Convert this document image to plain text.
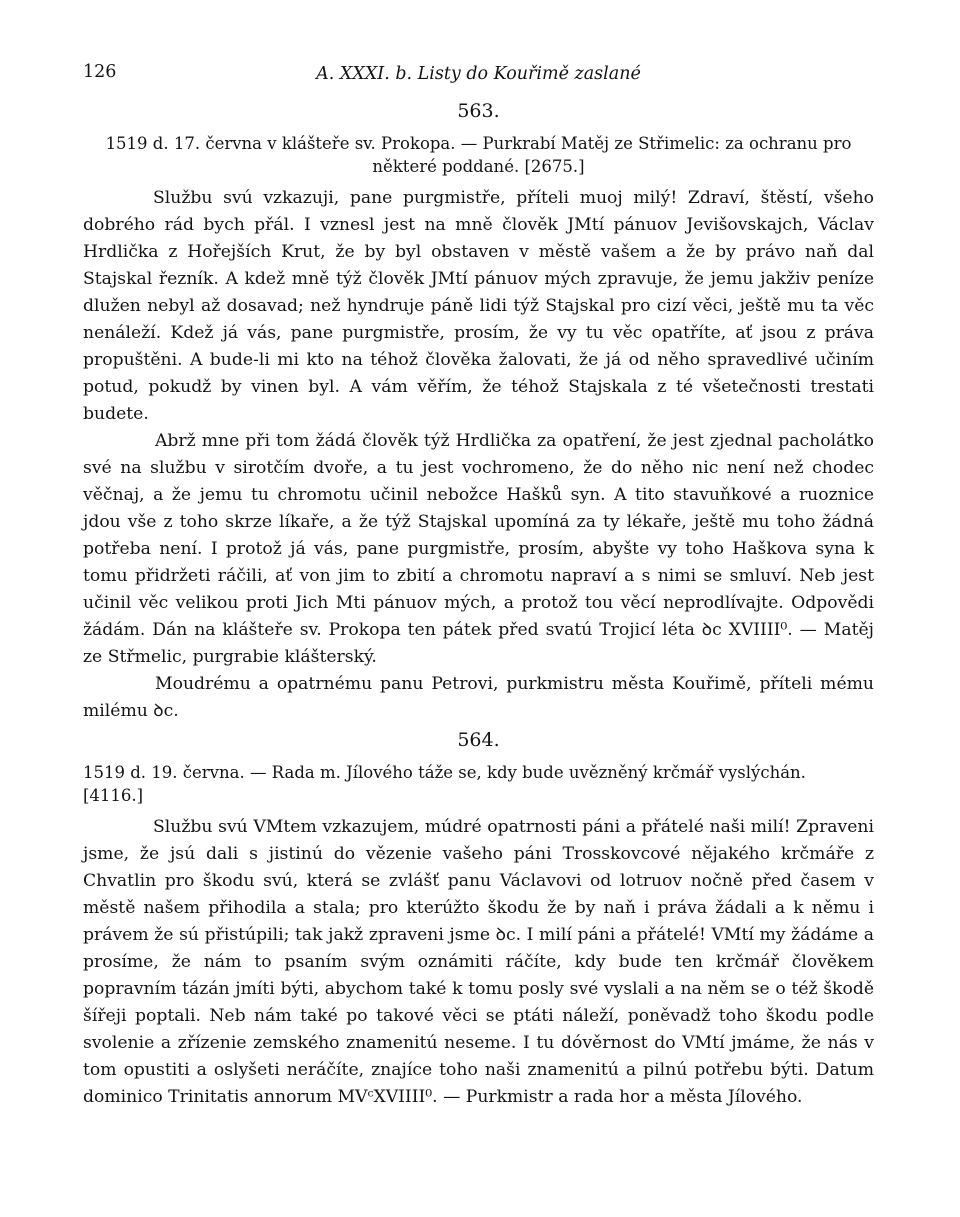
126	A. XXXI. b. Listy do Kouřimě zaslané
563.
1519 d. 17. června v klášteře sv. Prokopa. — Purkrabí Matěj ze Střimelic: za ochranu pro některé poddané. [2675.]

Službu svú vzkazuji, pane purgmistře, příteli muoj milý! Zdraví, štěstí, všeho dobrého rád bych přál. I vznesl jest na mně člověk JMtí pánuov Jevišovskajch, Václav Hrdlička z Hořejších Krut, že by byl obstaven v městě vašem a že by právo naň dal Stajskal řezník. A kdež mně týž člověk JMtí pánuov mých zpravuje, že jemu jakživ peníze dlužen nebyl až dosavad; než hyndruje páně lidi týž Stajskal pro cizí věci, ještě mu ta věc nenáleží. Kdež já vás, pane purgmistře, prosím, že vy tu věc opatříte, ať jsou z práva propuštěni. A bude-li mi kto na téhož člověka žalovati, že já od něho spravedlivé učiním potud, pokudž by vinen byl. A vám věřím, že téhož Stajskala z té všetečnosti trestati budete.

Abrž mne při tom žádá člověk týž Hrdlička za opatření, že jest zjednal pacholátko své na službu v sirotčím dvoře, a tu jest vochromeno, že do něho nic není než chodec věčnaj, a že jemu tu chromotu učinil nebožce Hašků syn. A tito stavuňkové a ruoznice jdou vše z toho skrze líkaře, a že týž Stajskal upomíná za ty lékaře, ještě mu toho žádná potřeba není. I protož já vás, pane purgmistře, prosím, abyšte vy toho Haškova syna k tomu přidržeti ráčili, ať von jim to zbití a chromotu napraví a s nimi se smluví. Neb jest učinil věc velikou proti Jich Mti pánuov mých, a protož tou věcí neprodlívajte. Odpovědi žádám. Dán na klášteře sv. Prokopa ten pátek před svatú Trojicí léta ꝺc XVIIII⁰. — Matěj ze Střmelic, purgrabie klášterský.

Moudrému a opatrnému panu Petrovi, purkmistru města Kouřimě, příteli mému milému ꝺc.

564.
1519 d. 19. června. — Rada m. Jílového táže se, kdy bude uvězněný krčmář vyslýchán. [4116.]

Službu svú VMtem vzkazujem, múdré opatrnosti páni a přátelé naši milí! Zpraveni jsme, že jsú dali s jistinú do vězenie vašeho páni Trosskovcové nějakého krčmáře z Chvatlin pro škodu svú, která se zvlášť panu Václavovi od lotruov nočně před časem v městě našem přihodila a stala; pro kterúžto škodu že by naň i práva žádali a k němu i právem že sú přistúpili; tak jakž zpraveni jsme ꝺc. I milí páni a přátelé! VMtí my žádáme a prosíme, že nám to psaním svým oznámiti ráčíte, kdy bude ten krčmář člověkem popravním tázán jmíti býti, abychom také k tomu posly své vyslali a na něm se o též škodě šířeji poptali. Neb nám také po takové věci se ptáti náleží, poněvadž toho škodu podle svolenie a zřízenie zemského znamenitú neseme. I tu dóvěrnost do VMtí jmáme, že nás v tom opustiti a oslyšeti neráčíte, znajíce toho naši znamenitú a pilnú potřebu býti. Datum dominico Trinitatis annorum MVᶜXVIIII⁰. — Purkmistr a rada hor a města Jílového.
